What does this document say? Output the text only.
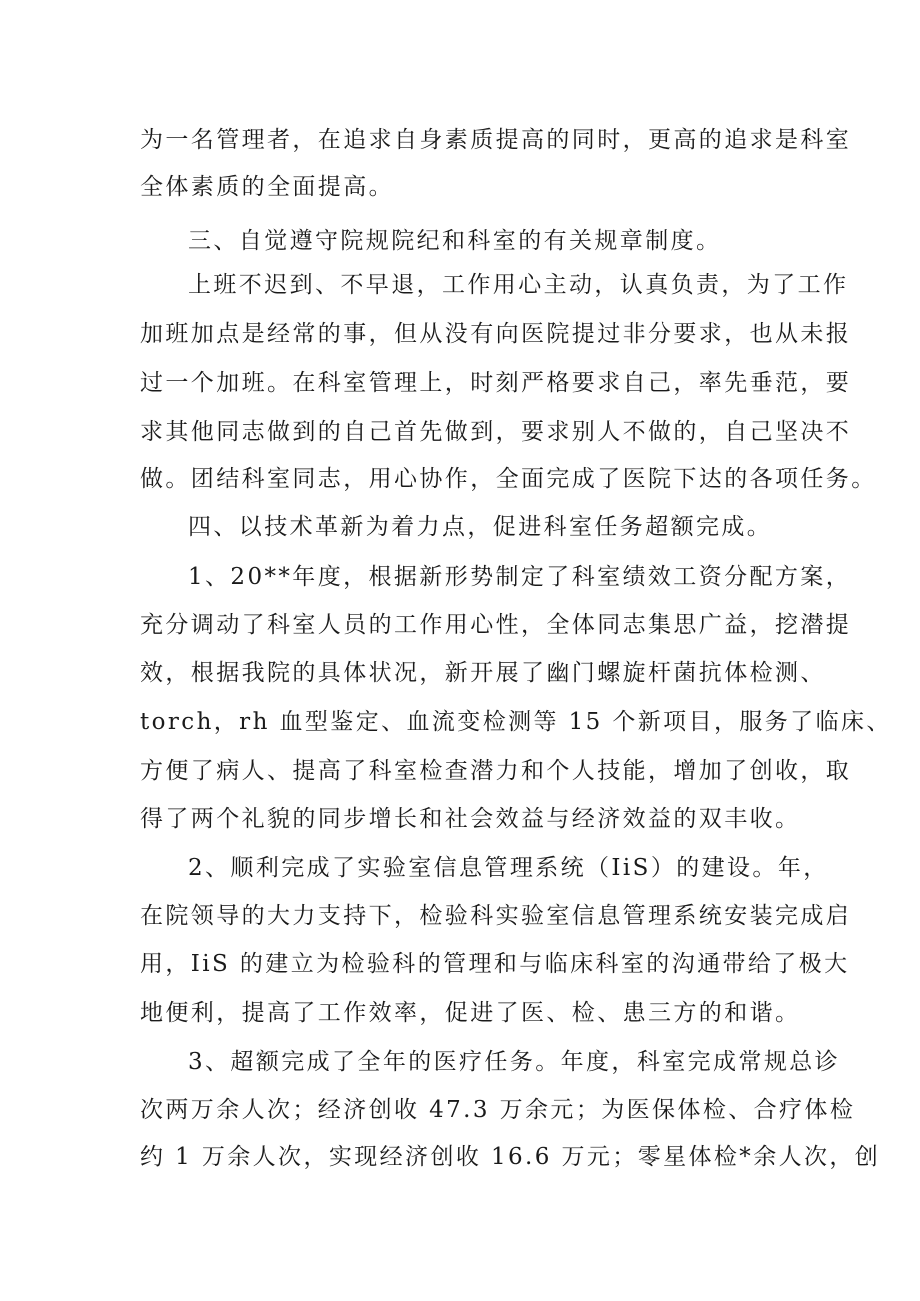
为一名管理者，在追求自身素质提高的同时，更高的追求是科室
全体素质的全面提高。
三、自觉遵守院规院纪和科室的有关规章制度。
上班不迟到、不早退，工作用心主动，认真负责，为了工作
加班加点是经常的事，但从没有向医院提过非分要求，也从未报
过一个加班。在科室管理上，时刻严格要求自己，率先垂范，要
求其他同志做到的自己首先做到，要求别人不做的，自己坚决不
做。团结科室同志，用心协作，全面完成了医院下达的各项任务。
四、以技术革新为着力点，促进科室任务超额完成。
1、20**年度，根据新形势制定了科室绩效工资分配方案，
充分调动了科室人员的工作用心性，全体同志集思广益，挖潜提
效，根据我院的具体状况，新开展了幽门螺旋杆菌抗体检测、
torch，rh 血型鉴定、血流变检测等 15 个新项目，服务了临床、
方便了病人、提高了科室检查潜力和个人技能，增加了创收，取
得了两个礼貌的同步增长和社会效益与经济效益的双丰收。
2、顺利完成了实验室信息管理系统（IiS）的建设。年，
在院领导的大力支持下，检验科实验室信息管理系统安装完成启
用，IiS 的建立为检验科的管理和与临床科室的沟通带给了极大
地便利，提高了工作效率，促进了医、检、患三方的和谐。
3、超额完成了全年的医疗任务。年度，科室完成常规总诊
次两万余人次；经济创收 47.3 万余元；为医保体检、合疗体检
约 1 万余人次，实现经济创收 16.6 万元；零星体检*余人次，创
